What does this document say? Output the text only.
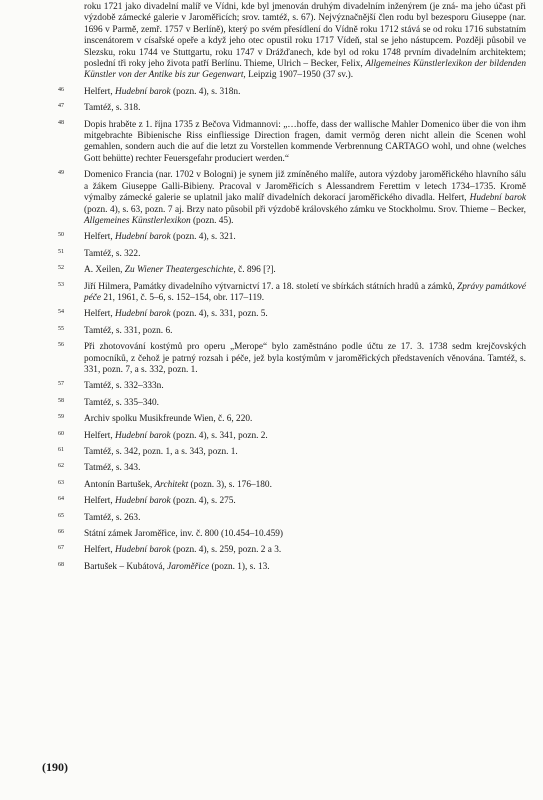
roku 1721 jako divadelní malíř ve Vídni, kde byl jmenován druhým divadelním inženýrem (je zná- ma jeho účast při výzdobě zámecké galerie v Jaroměřicích; srov. tamtéž, s. 67). Nejvýznačnější člen rodu byl bezesporu Giuseppe (nar. 1696 v Parmě, zemř. 1757 v Berlíně), který po svém přesídlení do Vídně roku 1712 stává se od roku 1716 substatním inscenátorem v císařské opeře a když jeho otec opustil roku 1717 Vídeň, stal se jeho nástupcem. Později působil ve Slezsku, roku 1744 ve Stuttgartu, roku 1747 v Drážďanech, kde byl od roku 1748 prvním divadelním architektem; poslední tři roky jeho života patří Berlínu. Thieme, Ulrich – Becker, Felix, Allgemeines Künstlerlexikon der bildenden Künstler von der Antike bis zur Gegenwart, Leipzig 1907–1950 (37 sv.).

46 Helfert, Hudební barok (pozn. 4), s. 318n.
47 Tamtéž, s. 318.
48 Dopis hraběte z 1. října 1735 z Bečova Vidmannovi: „…hoffe, dass der wallische Mahler Domenico über die von ihm mitgebrachte Bibienische Riss einfliessige Direction fragen, damit vermög deren nicht allein die Scenen wohl gemahlen, sondern auch die auf die letzt zu Vorstellen kommende Verbrennung CARTAGO wohl, und ohne (welches Gott behütte) rechter Feuersgefahr produciert werden.“
49 Domenico Francia (nar. 1702 v Bologni) je synem již zmíněného malíře, autora výzdoby jaroměřického hlavního sálu a žákem Giuseppe Galli-Bibieny. Pracoval v Jaroměřicích s Alessandrem Ferettim v letech 1734–1735. Kromě výmalby zámecké galerie se uplatnil jako malíř divadelních dekorací jaroměřického divadla. Helfert, Hudební barok (pozn. 4), s. 63, pozn. 7 aj. Brzy nato působil při výzdobě královského zámku ve Stockholmu. Srov. Thieme – Becker, Allgemeines Künstlerlexikon (pozn. 45).
50 Helfert, Hudební barok (pozn. 4), s. 321.
51 Tamtéž, s. 322.
52 A. Xeilen, Zu Wiener Theatergeschichte, č. 896 [?].
53 Jiří Hilmera, Památky divadelního výtvarnictví 17. a 18. století ve sbírkách státních hradů a zámků, Zprávy památkové péče 21, 1961, č. 5–6, s. 152–154, obr. 117–119.
54 Helfert, Hudební barok (pozn. 4), s. 331, pozn. 5.
55 Tamtéž, s. 331, pozn. 6.
56 Při zhotovování kostýmů pro operu „Merope“ bylo zaměstnáno podle účtu ze 17. 3. 1738 sedm krejčovských pomocníků, z čehož je patrný rozsah i péče, jež byla kostýmům v jaroměřických představeních věnována. Tamtéž, s. 331, pozn. 7, a s. 332, pozn. 1.
57 Tamtéž, s. 332–333n.
58 Tamtéž, s. 335–340.
59 Archiv spolku Musikfreunde Wien, č. 6, 220.
60 Helfert, Hudební barok (pozn. 4), s. 341, pozn. 2.
61 Tamtéž, s. 342, pozn. 1, a s. 343, pozn. 1.
62 Tatméž, s. 343.
63 Antonín Bartušek, Architekt (pozn. 3), s. 176–180.
64 Helfert, Hudební barok (pozn. 4), s. 275.
65 Tamtéž, s. 263.
66 Státní zámek Jaroměřice, inv. č. 800 (10.454–10.459)
67 Helfert, Hudební barok (pozn. 4), s. 259, pozn. 2 a 3.
68 Bartušek – Kubátová, Jaroměřice (pozn. 1), s. 13.
(190)
